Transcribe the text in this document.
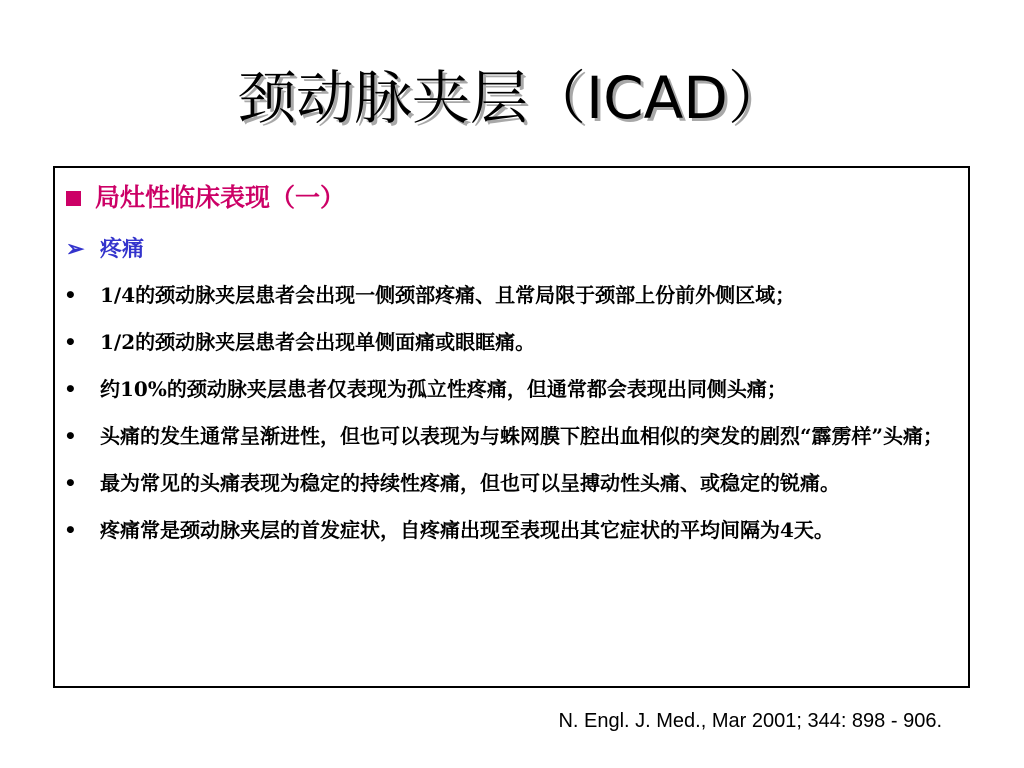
颈动脉夹层（ICAD）
局灶性临床表现（一）
➢ 疼痛
• 1/4的颈动脉夹层患者会出现一侧颈部疼痛、且常局限于颈部上份前外侧区域；
• 1/2的颈动脉夹层患者会出现单侧面痛或眼眶痛。
• 约10%的颈动脉夹层患者仅表现为孤立性疼痛，但通常都会表现出同侧头痛；
• 头痛的发生通常呈渐进性，但也可以表现为与蛛网膜下腔出血相似的突发的剧烈“霹雳样”头痛；
• 最为常见的头痛表现为稳定的持续性疼痛，但也可以呈搏动性头痛、或稳定的锐痛。
• 疼痛常是颈动脉夹层的首发症状，自疼痛出现至表现出其它症状的平均间隔为4天。
N. Engl. J. Med., Mar 2001; 344: 898 - 906.
